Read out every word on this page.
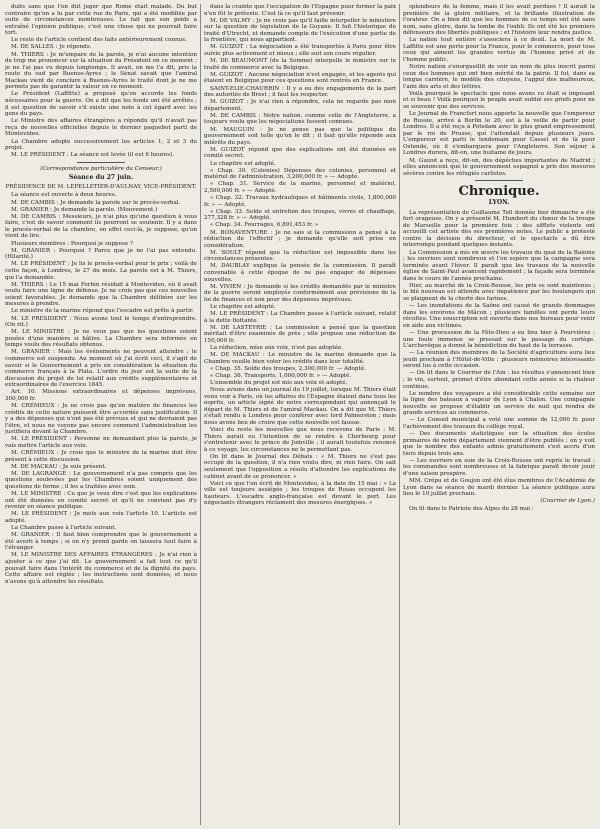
duits sans que l'on dût juger que Rome était malade. Du but contraire qu'on a lu par cette rue de Paris, qui a été modifiée par suite de circonstances nombreuses. Le fait que son poids a entraîné l'opinion publique, c'est une chose qui ne pourrait faire tort.

Le reste de l'article contient des faits antérieurement connus.

M. DE SALLES : Je réponds.

M. THIERS : Je m'empare de la parole, je n'ai aucune intention de trop me prononcer sur la situation du Président en ce moment ; je ne l'ai pas vu depuis longtemps. Il avait, on me l'a dit, pris la route du sud par Buenos-Ayres ; le Sénat savait que l'amiral Mackau vient de conclure à Buenos-Ayres le traité dont je ne me permets pas de garantir la valeur en ce moment.

Le Président (Laffitte) a proposé qu'on accorde les fonds nécessaires pour la guerre. On a dit que les fonds ont été arrêtés ; il est question de savoir s'il existe une note à cet égard avec les gens du pays.

Le Ministre des affaires étrangères a répondu qu'il n'avait pas reçu de nouvelles officielles depuis le dernier paquebot parti de Montevideo.

La Chambre adopte successivement les articles 1, 2 et 3 du projet.

M. LE PRÉSIDENT : La séance est levée (il est 6 heures).

(Correspondance particulière du Censeur.)

Séance du 27 juin.

PRÉSIDENCE DE M. LEPELLETIER-D'AULNAY, VICE-PRÉSIDENT.

La séance est ouverte à deux heures.

M. DE CAMBIS : Je demande la parole sur le procès-verbal.

M. GRANIER : Je demande la parole. (Mouvement.)

M. DE CAMBIS : Messieurs, je n'ai plus qu'une question à vous faire, c'est de savoir comment ils pourront se soutenir. Il y a dans le procès-verbal de la chambre, en effet ceci-là, je suppose, qu'on vient de lire.

Plusieurs membres : Pourquoi je suppose ?

M. GRANIER : Pourquoi ? Parce que je ne l'ai pas entendu. (Hilarité.)

M. LE PRÉSIDENT : Je lis le procès-verbal pour le prix ; voilà de cette façon, à Londres, le 27 du mois. La parole est à M. Thiers, qui l'a demandée.

M. THIERS : Le 15 mai Forbin résidait à Montevideo, où il avait voulu faire une ligne de défense. Je ne crois pas que ces nouvelles soient favorables. Je demande que la Chambre délibère sur les mesures à prendre.

Le ministre de la marine répond que l'escadre est prête à partir.

M. LE PRÉSIDENT : Nous avons tout le temps d'entreprendre. (On rit.)

M. LE MINISTRE : Je ne veux pas que les questions soient posées d'une manière si hâtive. La Chambre sera informée en temps voulu des résultats obtenus.

M. GRANIER : Mais les événements ne peuvent attendre ; le commerce est suspendu. Au moment où j'ai écrit ceci, il s'agit de savoir si le Gouvernement a pris en considération la situation du commerce français à la Plata. L'ordre du jour est la suite de la discussion du projet de loi relatif aux crédits supplémentaires et extraordinaires de l'exercice 1845.

Art. 10. Missions extraordinaires et dépenses imprévues, 300,000 fr.

M. CRÉMIEUX : Je ne crois pas qu'en matière de finances les crédits de cette nature puissent être accordés sans justification. Il y a des dépenses qui n'ont pas été prévues et qui ne devraient pas l'être, et nous ne voyons pas encore comment l'administration les justifiera devant la Chambre.

M. LE PRÉSIDENT : Personne ne demandant plus la parole, je vais mettre l'article aux voix.

M. CRÉMIEUX : Je crois que le ministre de la marine doit être présent à cette discussion.

M. DE MACKAU : Je suis présent.

M. DE LAGRANGE : Le gouvernement n'a pas compris que les questions soulevées par les Chambres soient uniquement des questions de forme ; il les a traitées avec soin.

M. LE MINISTRE : Ce que je veux dire c'est que les explications ont été données en comité secret et qu'il ne convient pas d'y revenir en séance publique.

M. LE PRÉSIDENT : Je mets aux voix l'article 10. L'article est adopté.

La Chambre passe à l'article suivant.

M. GRANIER : Il faut bien comprendre que le gouvernement a été averti à temps ; si on n'y prend garde on laissera tout faire à l'étranger.

M. LE MINISTRE DES AFFAIRES ÉTRANGÈRES : Je n'ai rien à ajouter à ce que j'ai dit. Le gouvernement a fait tout ce qu'il pouvait faire dans l'intérêt du commerce et de la dignité du pays. Cette affaire est réglée ; les instructions sont données, et nous n'avons qu'à attendre les résultats.

dans la crainte que l'occupation de l'Espagne pour former la paix n'en fût le prétexte. C'est là ce qu'il faut prévenir.

M. DE VALMY : Je ne crois pas qu'il faille interpeller le ministère sur la question de législation de la Guyane. Il fait l'historique du traité d'Utrecht, et demande compte de l'exécution d'une partie de la frontière, qui nous appartient.

M. GUIZOT : La négociation a été transportée à Paris pour être suivie plus activement et mieux ; elle suit son cours régulier.

M. DE BEAUMONT (de la Somme) interpelle le ministre sur le traité de commerce avec la Belgique.

M. GUIZOT : Aucune négociation n'est engagée, et les agents qui étaient en Belgique pour ces questions sont rentrés en France.

SAINT-ELIE-CHAURRIN : Il y a eu des engagements de la part des autorités de Brest ; il faut les respecter.

M. GUIZOT : Je n'ai rien à répondre, cela ne regarde pas mon département.

M. DE CAMBIS : Notre nation, comme celle de l'Angleterre, a toujours voulu que les négociations fussent connues.

M. MAUGUIN : Je ne pense pas que la politique du gouvernement soit telle qu'on le dit ; il faut qu'elle réponde aux intérêts du pays.

M. GUIZOT répond que des explications ont été données en comité secret.

Le chapitre est adopté.

« Chap. 30. (Colonies) Dépenses des colonies, personnel et matériel de l'administration, 3,200,000 fr. » — Adopté.

« Chap. 31. Service de la marine, personnel et matériel, 2,500,000 fr. » — Adopté.

« Chap. 32. Travaux hydrauliques et bâtiments civils, 1,800,000 fr. » — Adopté.

« Chap. 33. Solde et entretien des troupes, vivres et chauffage, 277,328 fr. » — Adopté.

« Chap. 34. Fourrages, 6,891,453 fr. »

M. BONAVENTURE : Je ne sais si la commission a pensé à la réduction de l'effectif ; je demande qu'elle soit prise en considération.

M. SOULT répond que la réduction est impossible dans les circonstances présentes.

M. DAUBLAY explique la pensée de la commission. Il paraît convenable à cette époque de ne pas engager de dépenses nouvelles.

M. VIVIEN : Je demande si les crédits demandés par le ministre de la guerre seront employés conformément aux prévisions de la loi de finances et non pour des dépenses imprévues.

Le chapitre est adopté.

M. LE PRÉSIDENT : La Chambre passe à l'article suivant, relatif à la dette flottante.

M. DE LASTEYRIE : La commission a pensé que la question méritait d'être examinée de près ; elle propose une réduction de 150,000 fr.

La réduction, mise aux voix, n'est pas adoptée.

M. DE MACKAU : Le ministre de la marine demande que la Chambre veuille bien voter les crédits dans leur totalité.

« Chap. 35. Solde des troupes, 2,300,000 fr. — Adopté.

« Chap. 36. Transports, 1,000,000 fr. » — Adopté.

L'ensemble du projet est mis aux voix et adopté.

Nous avions dans un journal du 19 juillet, lorsque M. Thiers était venu voir à Paris, où les affaires de l'Espagne étaient dans tous les esprits, un article signé de notre correspondant qui annonçait le départ de M. Thiers et de l'amiral Mackau. On a dit que M. Thiers s'était rendu à Londres pour conférer avec lord Palmerston ; mais nous avons lieu de croire que cette nouvelle est fausse.

Voici du reste les nouvelles que nous recevons de Paris : M. Thiers aurait eu l'intention de se rendre à Cherbourg pour s'entretenir avec le prince de Joinville ; il aurait toutefois renoncé à ce voyage, les circonstances ne le permettant pas.

On lit dans le Journal des Débats : « M. Thiers ne s'est pas occupé de la question, il n'a rien voulu dire, ni rien faire. On sait seulement que l'opposition a résolu d'attendre les explications du cabinet avant de se prononcer. »

Voici ce que l'on écrit de Montevideo, à la date du 15 mai : « La ville est toujours assiégée ; les troupes de Rosas occupent les hauteurs. L'escadre anglo-française est devant le port. Les négociants étrangers réclament des mesures énergiques. »

splendeurs de la femme, mais il les avait perdues ! Il aurait la première de la gloire militaire, et la brillante illustration de l'orateur. On a bien dit que les hommes de ce temps ont été sans nom, sans gloire, dans la tombe de l'oubli. Ils ont été les premiers défenseurs des libertés publiques ; et l'histoire leur rendra justice.

La nation tout entière s'associera à ce deuil. La mort de M. Laffitte est une perte pour la France, pour le commerce, pour tous ceux qui aiment les grandes vertus de l'homme privé et de l'homme public.

Notre nation s'enorgueillit de voir un nom de plus inscrit parmi ceux des hommes qui ont bien mérité de la patrie. Il fut, dans sa longue carrière, le modèle des citoyens, l'appui des malheureux, l'ami des arts et des lettres.

Voilà pourquoi le spectacle que nous avons vu était si imposant et si beau ! Voilà pourquoi le peuple avait oublié ses griefs pour ne se souvenir que des services.

Le Journal de Francfort nous apporte la nouvelle que l'empereur de Russie, arrivé à Berlin le 20, est à la veille de partir pour Londres. Il a été reçu à Potsdam avec le plus grand empressement par le roi de Prusse, qui l'attendait depuis plusieurs jours. L'empereur est parti le lendemain pour Cassel et de là pour Ostende, où il s'embarquera pour l'Angleterre. Son séjour à Londres durera, dit-on, une huitaine de jours.

M. Guizot a reçu, dit-on, des dépêches importantes de Madrid ; elles annoncent que le gouvernement espagnol a pris des mesures sévères contre les réfugiés carlistes.

Chronique.

LYON.

La représentation de Guillaume Tell donnée hier dimanche a été fort orageuse. On y a présenté M. Humbert du chœur de la troupe de Marseille pour la première fois ; des sifflets violents ont accueilli cet artiste dès ses premières notes. Le public a protesté contre la décision du directeur, et le spectacle a dû être interrompu pendant quelques instants.

La Commission a mis en œuvre les travaux du quai de la Baleine ; les ouvriers sont nombreux et l'on espère que la campagne sera terminée avant l'hiver. Il paraît que les travaux de la nouvelle église de Saint-Paul avancent rapidement ; la façade sera terminée dans le cours de l'année prochaine.

Hier, au marché de la Croix-Rousse, les prix se sont maintenus ; le blé nouveau est attendu avec impatience par les boulangers qui se plaignent de la cherté des farines.

— Les inondations de la Saône ont causé de grands dommages dans les environs de Mâcon ; plusieurs familles ont perdu leurs récoltes. Une souscription est ouverte dans nos bureaux pour venir en aide aux victimes.

— Une procession de la Fête-Dieu a eu lieu hier à Fourvières ; une foule immense se pressait sur le passage du cortège. L'archevêque a donné la bénédiction du haut de la terrasse.

— La réunion des membres de la Société d'agriculture aura lieu jeudi prochain à l'Hôtel-de-Ville ; plusieurs mémoires intéressants seront lus à cette occasion.

— On lit dans le Courrier de l'Ain : les récoltes s'annoncent bien ; le vin, surtout, promet d'être abondant cette année si la chaleur continue.

Le nombre des voyageurs a été considérable cette semaine sur la ligne des bateaux à vapeur de Lyon à Chalon. Une compagnie nouvelle se propose d'établir un service de nuit qui rendra de grands services au commerce.

— Le Conseil municipal a voté une somme de 12,000 fr. pour l'achèvement des travaux du collège royal.

— Des documents statistiques sur la situation des écoles primaires de notre département viennent d'être publiés ; on y voit que le nombre des enfants admis gratuitement s'est accru d'un tiers depuis trois ans.

— Les ouvriers en soie de la Croix-Rousse ont repris le travail ; les commandes sont nombreuses et la fabrique paraît devoir jouir d'une saison prospère.

MM. Crépu et de Goujon ont été élus membres de l'Académie de Lyon dans sa séance de mardi dernier. La séance publique aura lieu le 10 juillet prochain.

(Courrier de Lyon.)

On lit dans le Patriote des Alpes du 28 mai :
